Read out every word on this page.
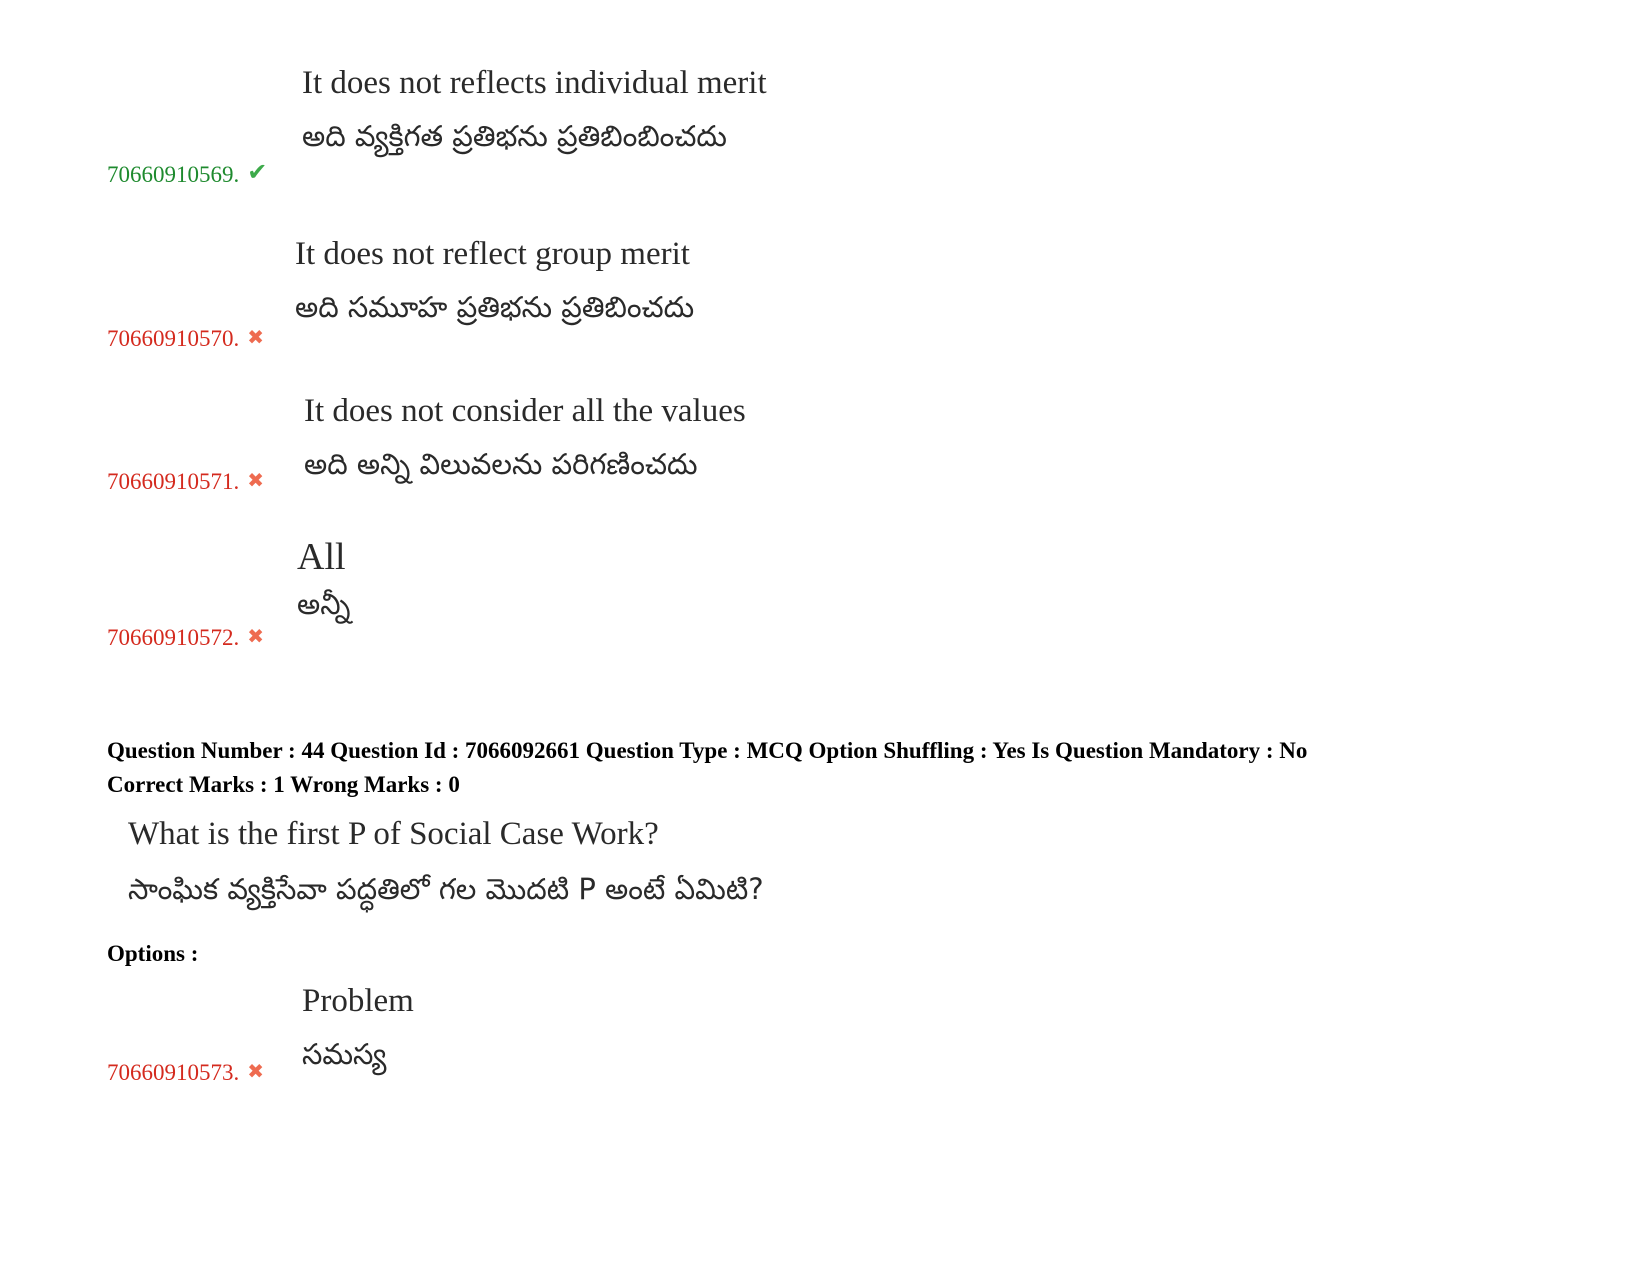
It does not reflects individual merit
అది వ్యక్తిగత ప్రతిభను ప్రతిబింబించదు
70660910569. ✔
It does not reflect group merit
అది సమూహ ప్రతిభను ప్రతిబించదు
70660910570. ✖
It does not consider all the values
అది అన్ని విలువలను పరిగణించదు
70660910571. ✖
All
అన్నీ
70660910572. ✖
Question Number : 44 Question Id : 7066092661 Question Type : MCQ Option Shuffling : Yes Is Question Mandatory : No
Correct Marks : 1 Wrong Marks : 0
What is the first P of Social Case Work?
సాంఘిక వ్యక్తిసేవా పద్ధతిలో గల మొదటి P అంటే ఏమిటి?
Options :
Problem
సమస్య
70660910573. ✖
